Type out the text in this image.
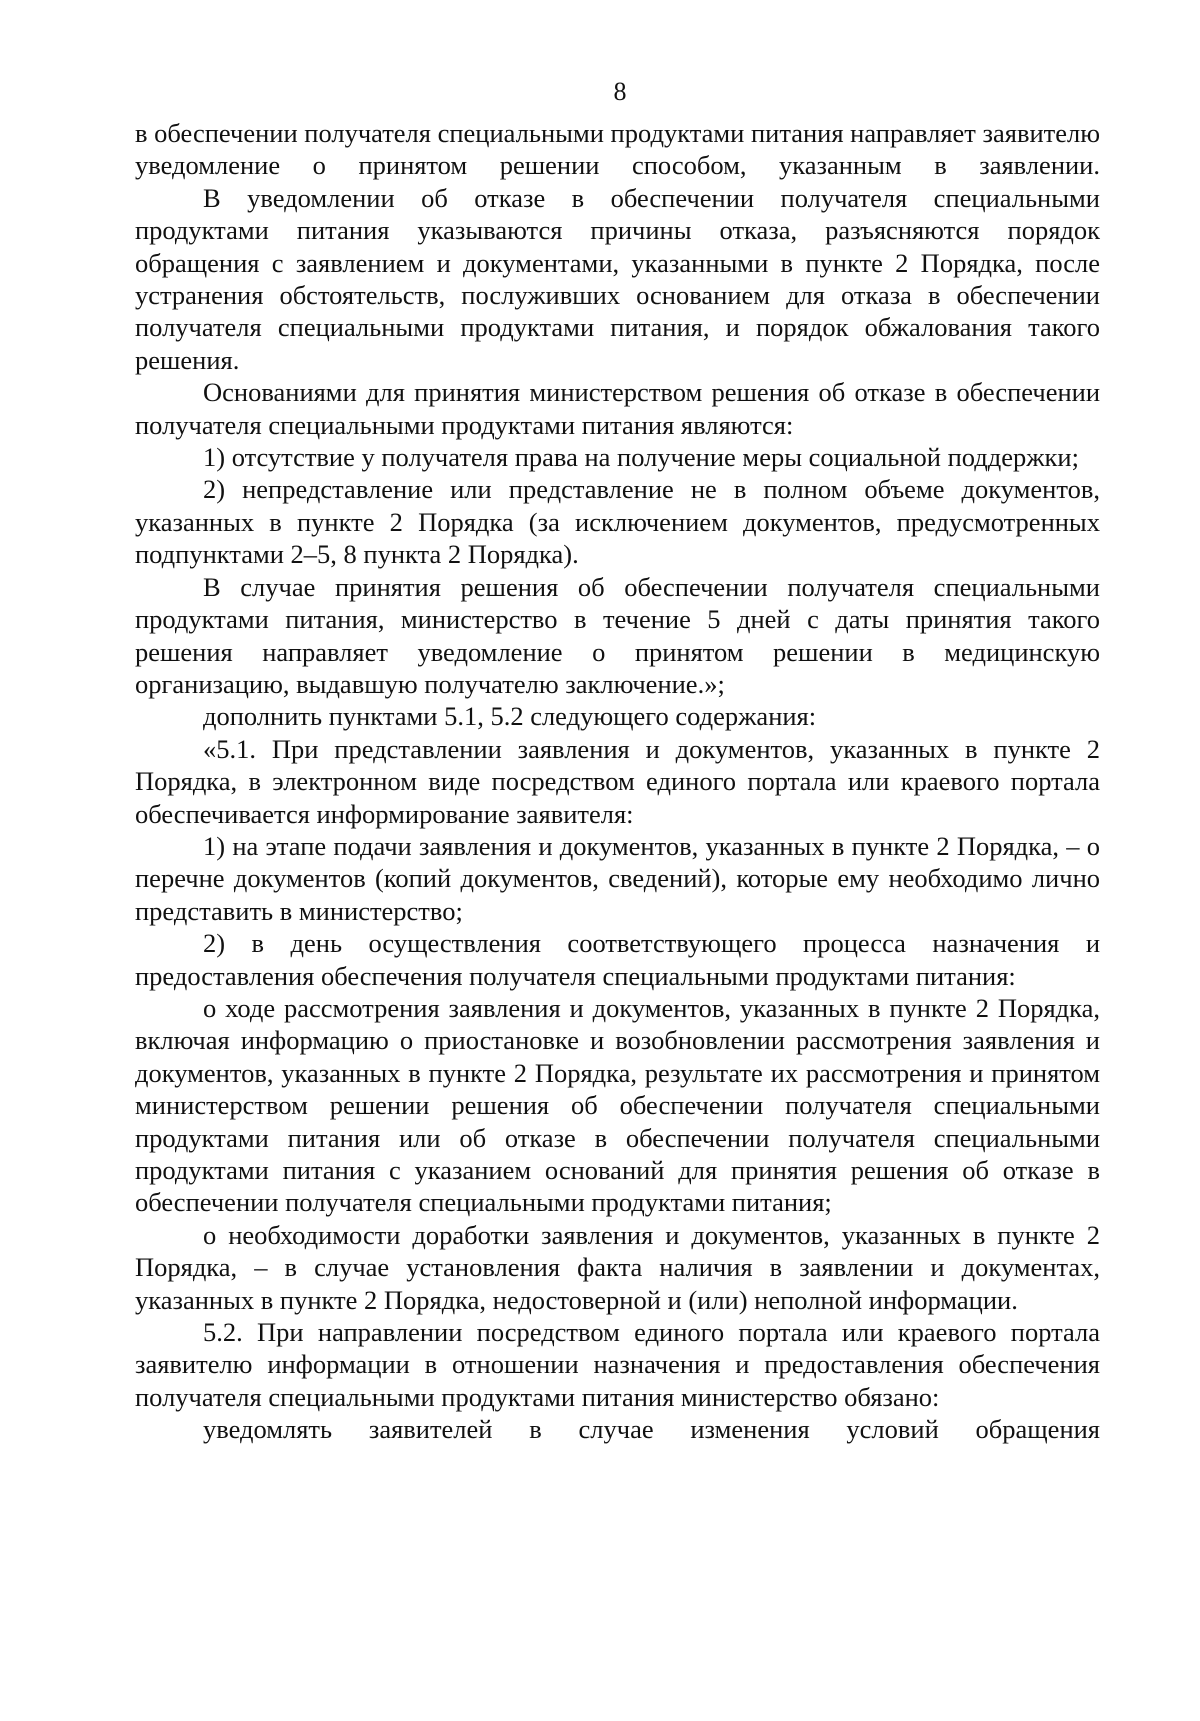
8

в обеспечении получателя специальными продуктами питания направляет заявителю уведомление о принятом решении способом, указанным в заявлении.

В уведомлении об отказе в обеспечении получателя специальными продуктами питания указываются причины отказа, разъясняются порядок обращения с заявлением и документами, указанными в пункте 2 Порядка, после устранения обстоятельств, послуживших основанием для отказа в обеспечении получателя специальными продуктами питания, и порядок обжалования такого решения.

Основаниями для принятия министерством решения об отказе в обеспечении получателя специальными продуктами питания являются:

1) отсутствие у получателя права на получение меры социальной поддержки;

2) непредставление или представление не в полном объеме документов, указанных в пункте 2 Порядка (за исключением документов, предусмотренных подпунктами 2–5, 8 пункта 2 Порядка).

В случае принятия решения об обеспечении получателя специальными продуктами питания, министерство в течение 5 дней с даты принятия такого решения направляет уведомление о принятом решении в медицинскую организацию, выдавшую получателю заключение.»;

дополнить пунктами 5.1, 5.2 следующего содержания:

«5.1. При представлении заявления и документов, указанных в пункте 2 Порядка, в электронном виде посредством единого портала или краевого портала обеспечивается информирование заявителя:

1) на этапе подачи заявления и документов, указанных в пункте 2 Порядка, – о перечне документов (копий документов, сведений), которые ему необходимо лично представить в министерство;

2) в день осуществления соответствующего процесса назначения и предоставления обеспечения получателя специальными продуктами питания:

о ходе рассмотрения заявления и документов, указанных в пункте 2 Порядка, включая информацию о приостановке и возобновлении рассмотрения заявления и документов, указанных в пункте 2 Порядка, результате их рассмотрения и принятом министерством решении решения об обеспечении получателя специальными продуктами питания или об отказе в обеспечении получателя специальными продуктами питания с указанием оснований для принятия решения об отказе в обеспечении получателя специальными продуктами питания;

о необходимости доработки заявления и документов, указанных в пункте 2 Порядка, – в случае установления факта наличия в заявлении и документах, указанных в пункте 2 Порядка, недостоверной и (или) неполной информации.

5.2. При направлении посредством единого портала или краевого портала заявителю информации в отношении назначения и предоставления обеспечения получателя специальными продуктами питания министерство обязано:

уведомлять заявителей в случае изменения условий обращения
